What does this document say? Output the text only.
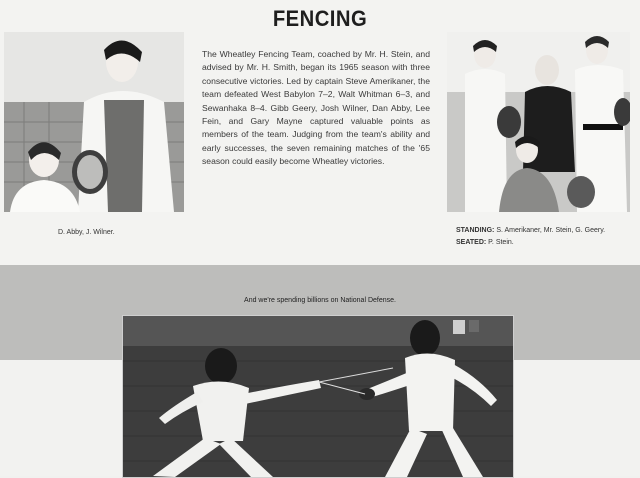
FENCING
The Wheatley Fencing Team, coached by Mr. H. Stein, and advised by Mr. H. Smith, began its 1965 season with three consecutive victories. Led by captain Steve Amerikaner, the team defeated West Babylon 7–2, Walt Whitman 6–3, and Sewanhaka 8–4. Gibb Geery, Josh Wilner, Dan Abby, Lee Fein, and Gary Mayne captured valuable points as members of the team. Judging from the team's ability and early successes, the seven remaining matches of the '65 season could easily become Wheatley victories.
D. Abby, J. Wilner.	STANDING: S. Amerikaner, Mr. Stein, G. Geery. SEATED: P. Stein.
And we're spending billions on National Defense.
